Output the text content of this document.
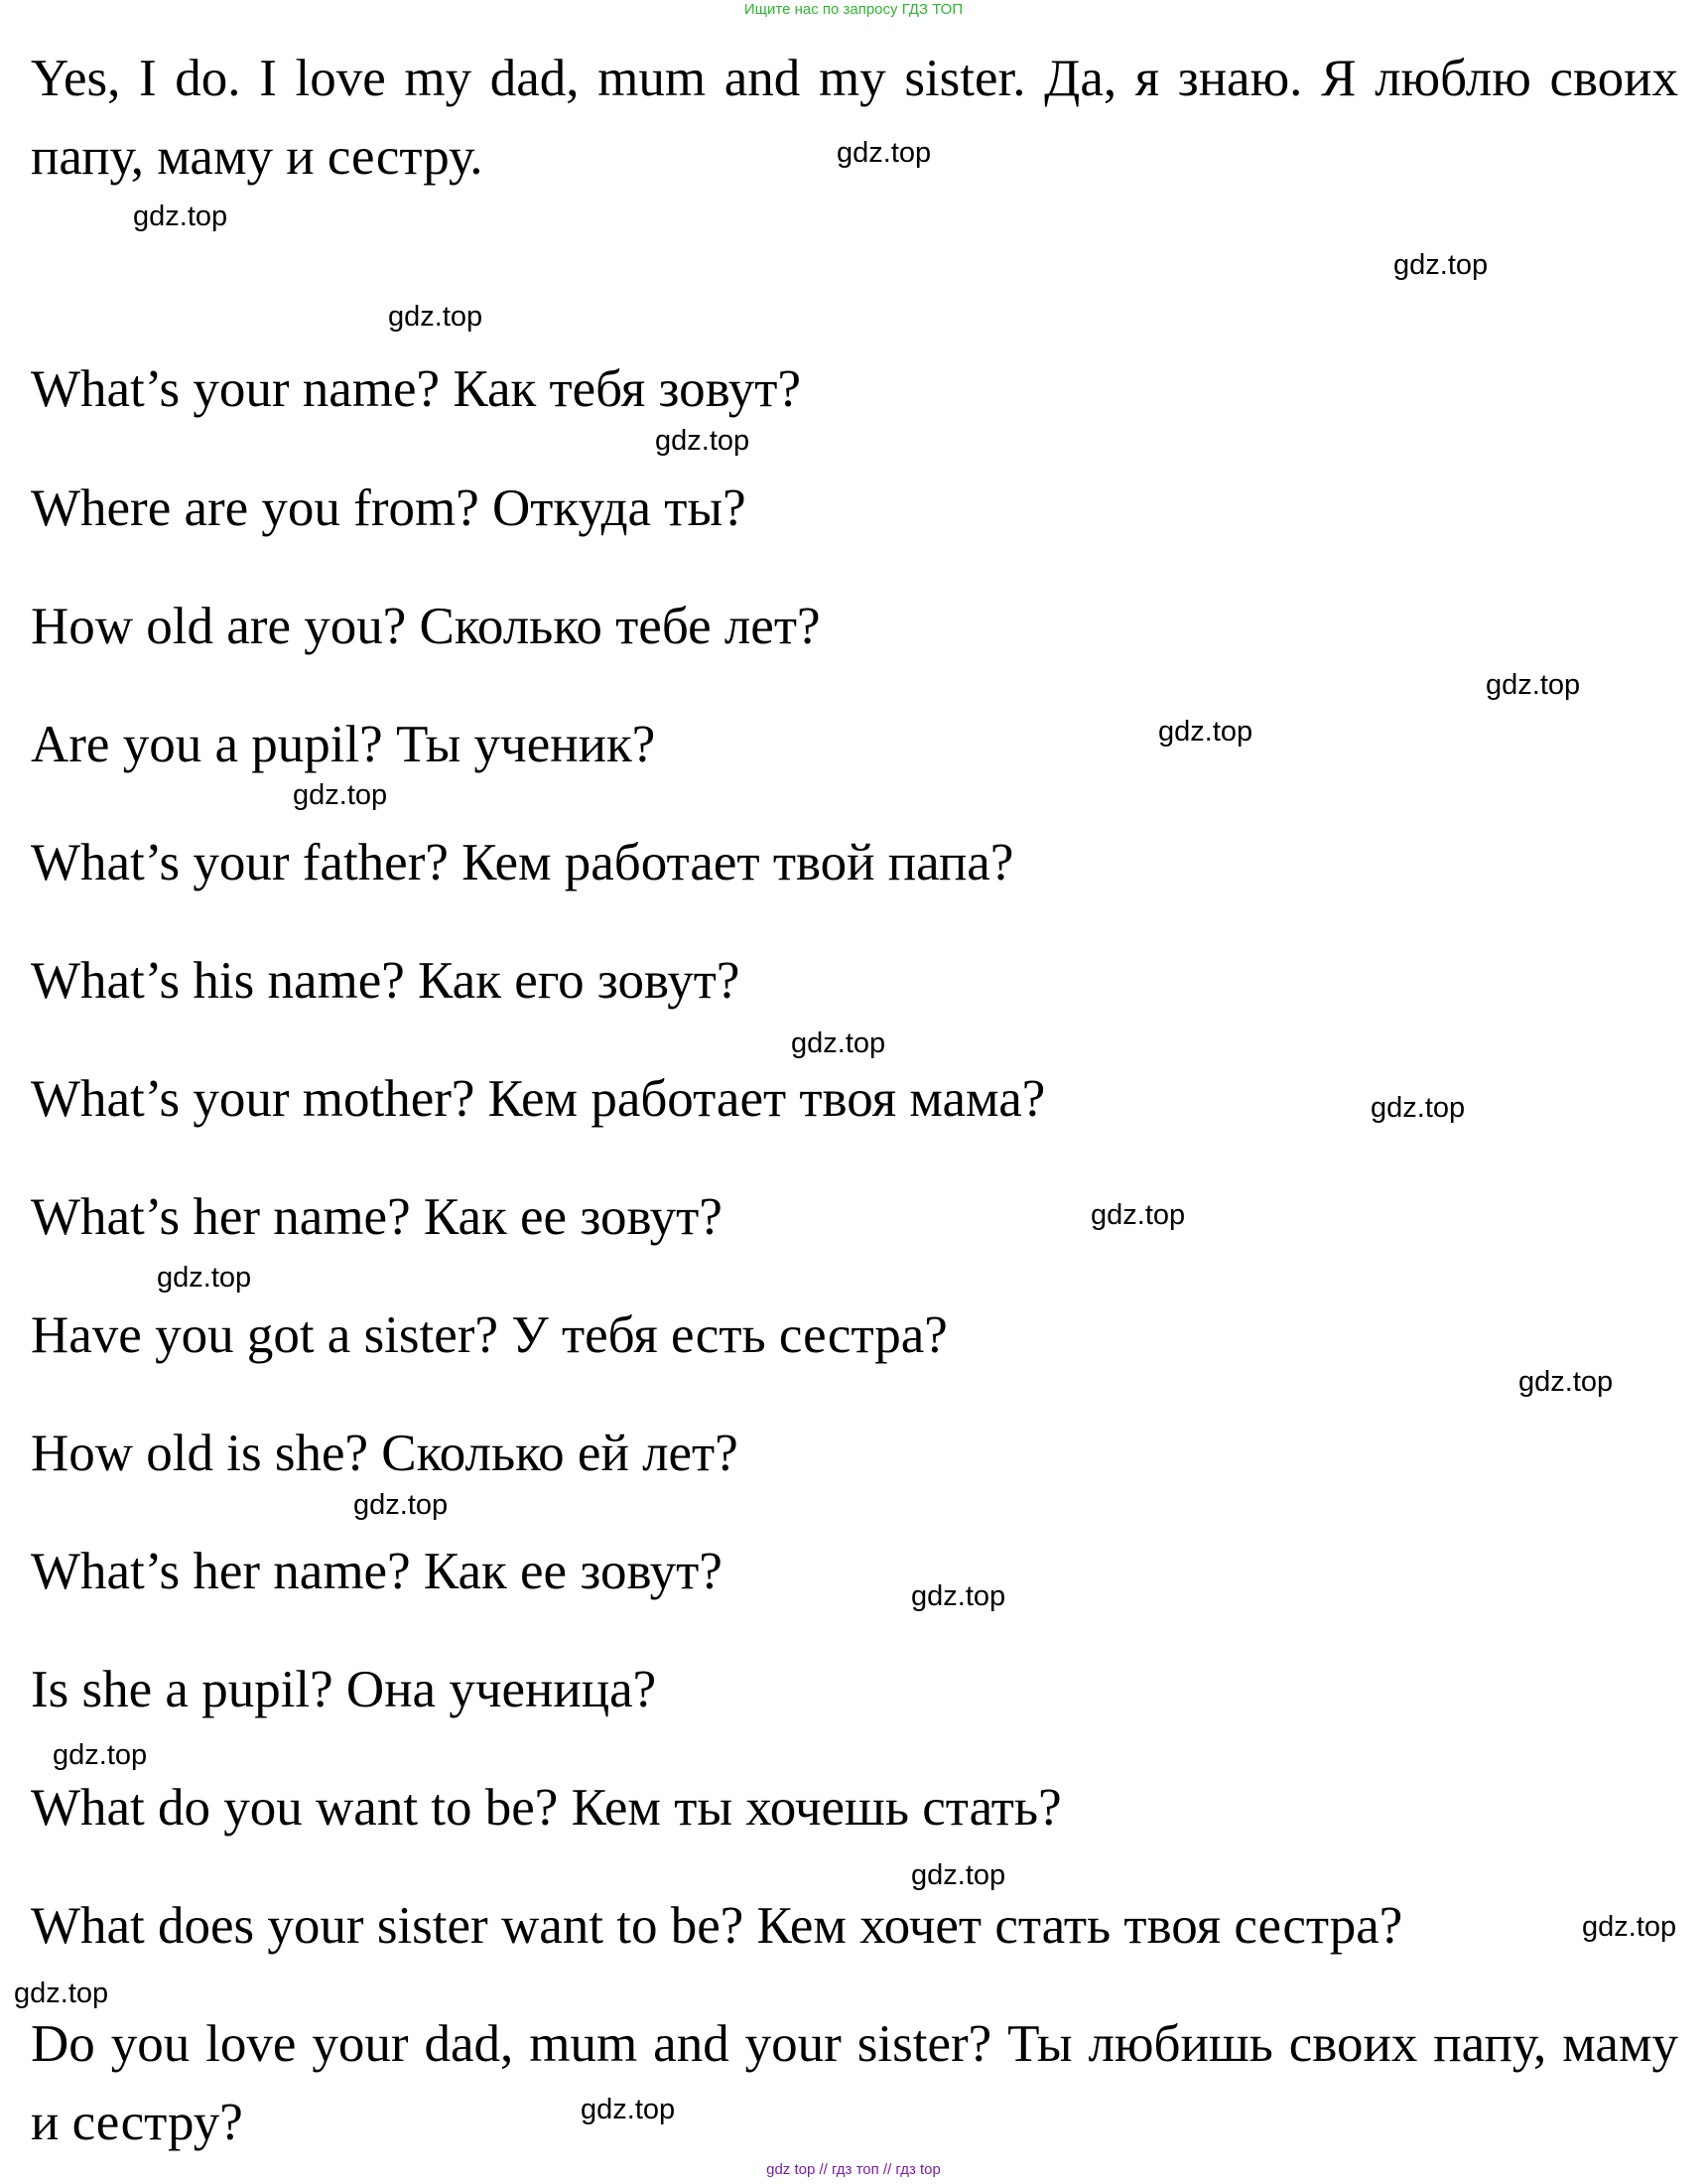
Ищите нас по запросу ГДЗ ТОП

Yes, I do. I love my dad, mum and my sister. Да, я знаю. Я люблю своих папу, маму и сестру.

What’s your name? Как тебя зовут?

Where are you from? Откуда ты?

How old are you? Сколько тебе лет?

Are you a pupil? Ты ученик?

What’s your father? Кем работает твой папа?

What’s his name? Как его зовут?

What’s your mother? Кем работает твоя мама?

What’s her name? Как ее зовут?

Have you got a sister? У тебя есть сестра?

How old is she? Сколько ей лет?

What’s her name? Как ее зовут?

Is she a pupil? Она ученица?

What do you want to be? Кем ты хочешь стать?

What does your sister want to be? Кем хочет стать твоя сестра?

Do you love your dad, mum and your sister? Ты любишь своих папу, маму и сестру?

gdz.top
gdz.top
gdz.top
gdz.top
gdz.top
gdz.top
gdz.top
gdz.top
gdz.top
gdz.top
gdz.top
gdz.top
gdz.top
gdz.top
gdz.top
gdz.top
gdz.top
gdz.top
gdz.top
gdz.top
gdz top // гдз топ // гдз top
